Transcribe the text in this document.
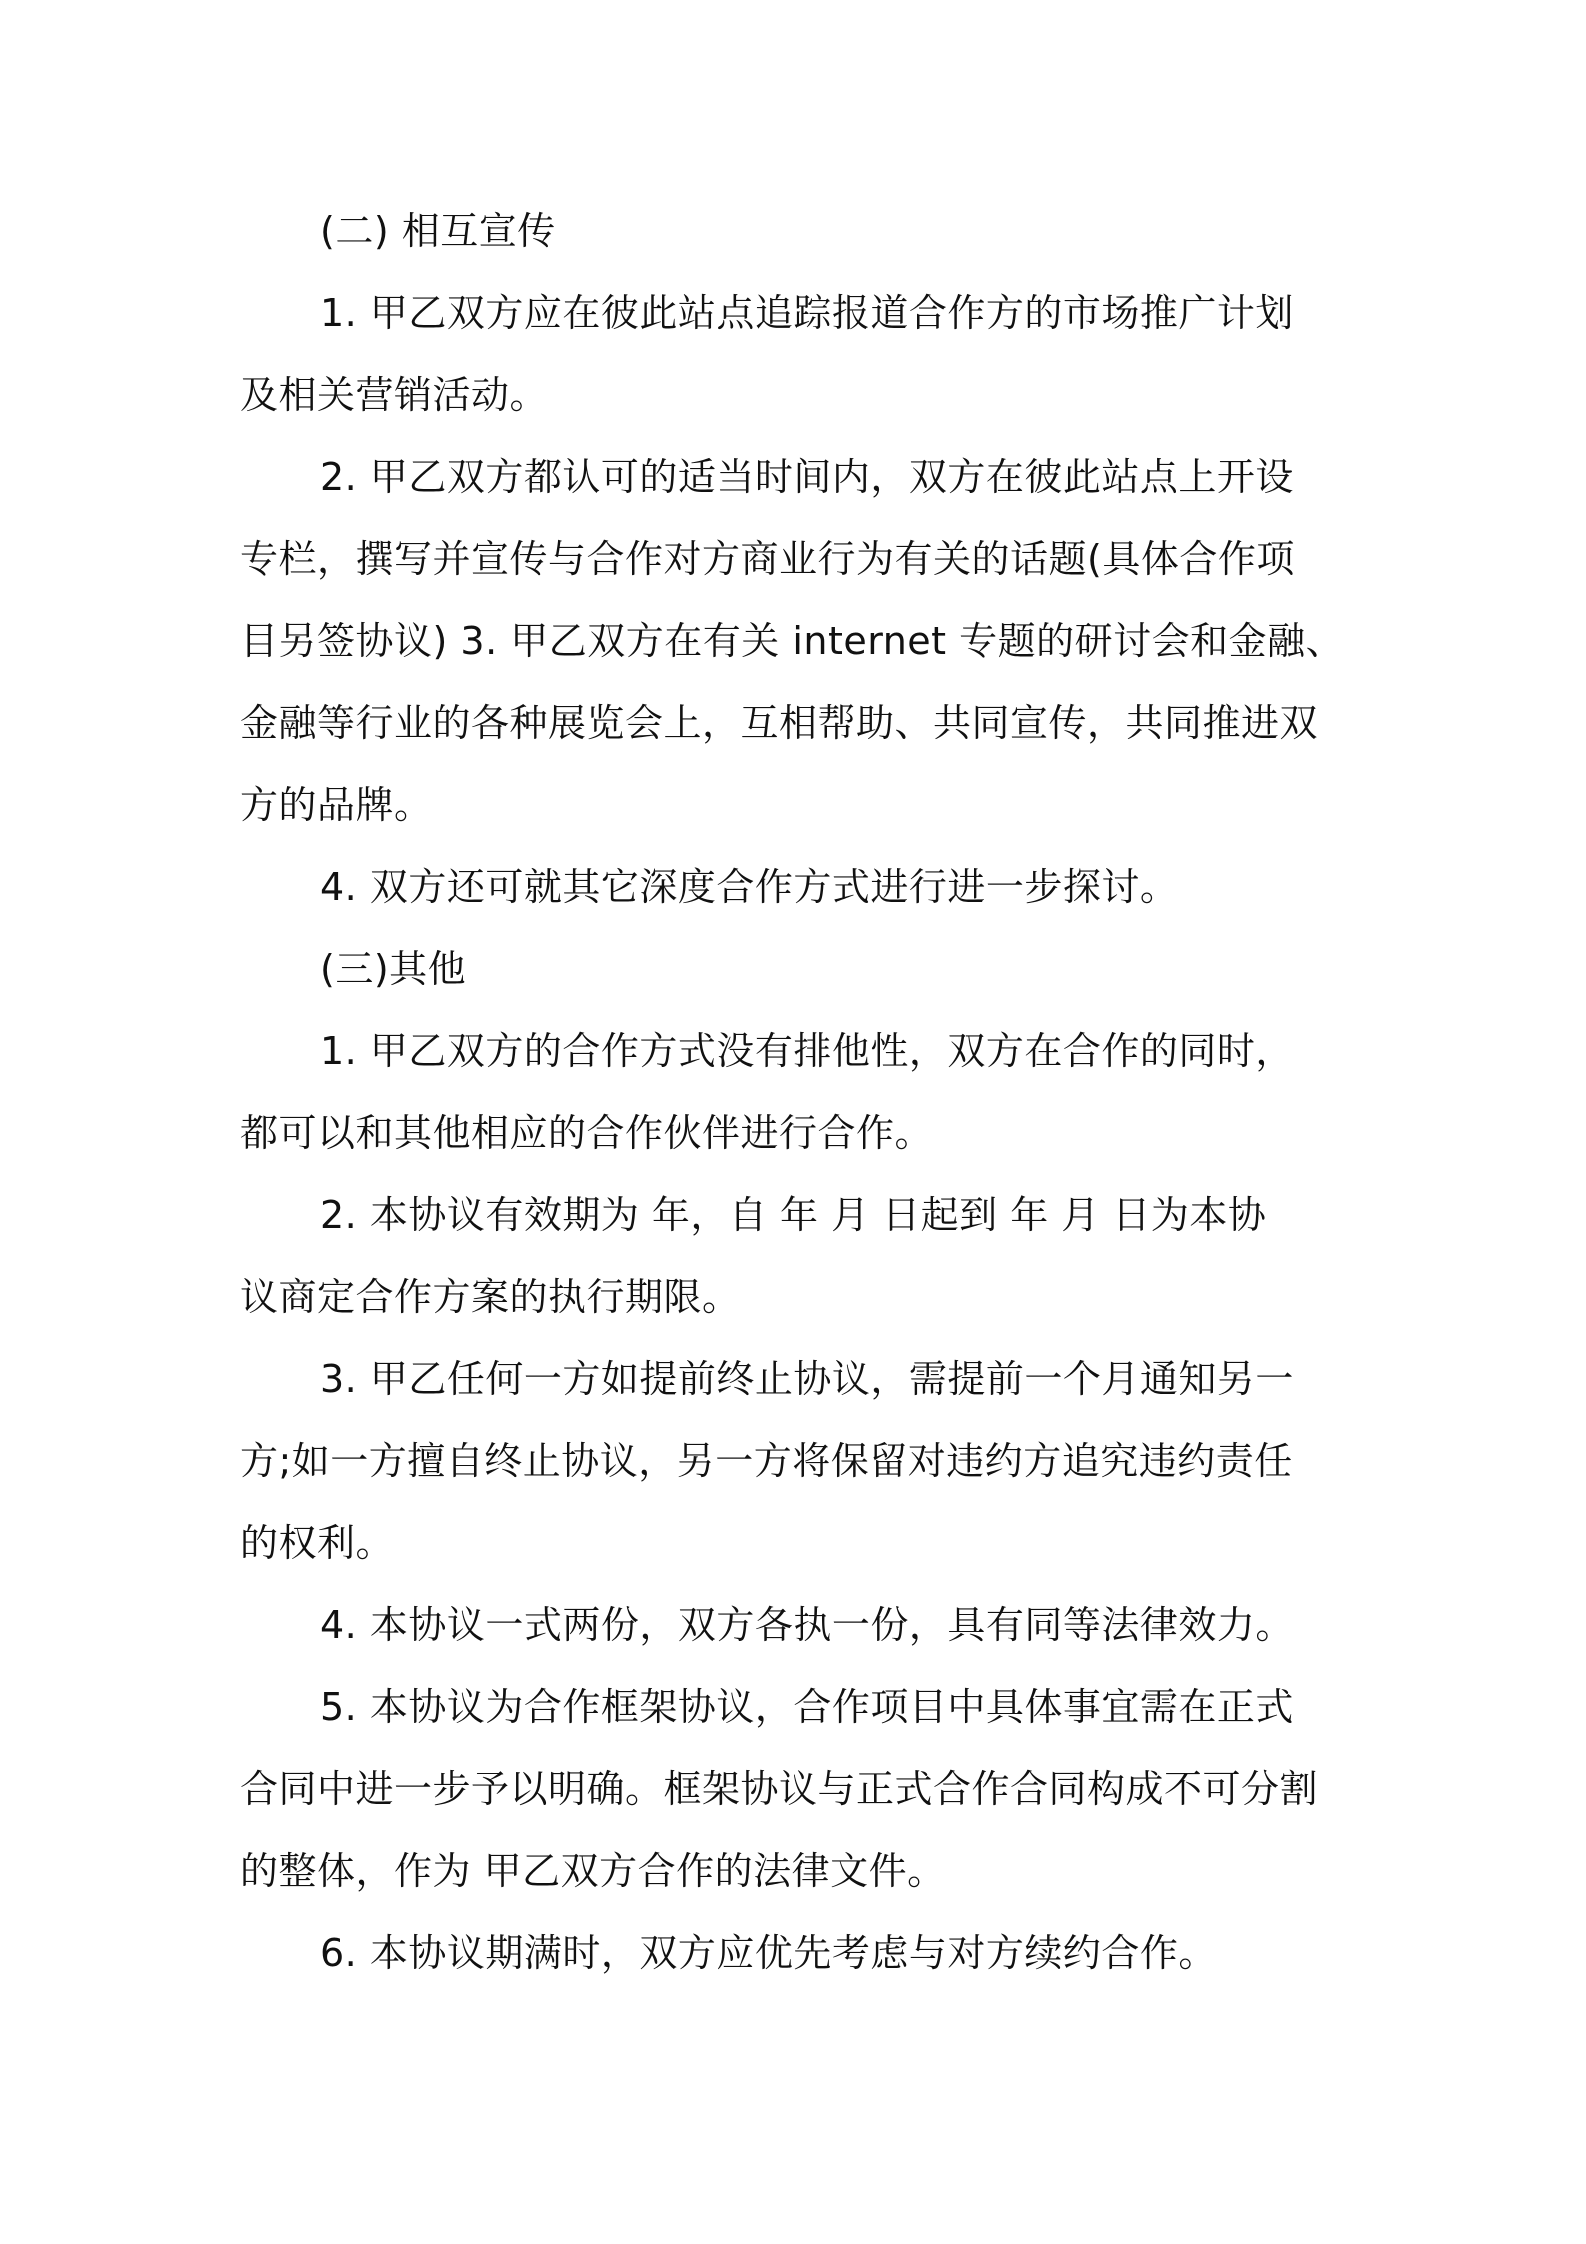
(二) 相互宣传

1. 甲乙双方应在彼此站点追踪报道合作方的市场推广计划

及相关营销活动。

2. 甲乙双方都认可的适当时间内，双方在彼此站点上开设

专栏，撰写并宣传与合作对方商业行为有关的话题(具体合作项

目另签协议) 3. 甲乙双方在有关 internet 专题的研讨会和金融、

金融等行业的各种展览会上，互相帮助、共同宣传，共同推进双

方的品牌。

4. 双方还可就其它深度合作方式进行进一步探讨。

(三)其他

1. 甲乙双方的合作方式没有排他性，双方在合作的同时，

都可以和其他相应的合作伙伴进行合作。

2. 本协议有效期为 年，自 年 月 日起到 年 月 日为本协

议商定合作方案的执行期限。

3. 甲乙任何一方如提前终止协议，需提前一个月通知另一

方;如一方擅自终止协议，另一方将保留对违约方追究违约责任

的权利。

4. 本协议一式两份，双方各执一份，具有同等法律效力。

5. 本协议为合作框架协议，合作项目中具体事宜需在正式

合同中进一步予以明确。框架协议与正式合作合同构成不可分割

的整体，作为 甲乙双方合作的法律文件。

6. 本协议期满时，双方应优先考虑与对方续约合作。
